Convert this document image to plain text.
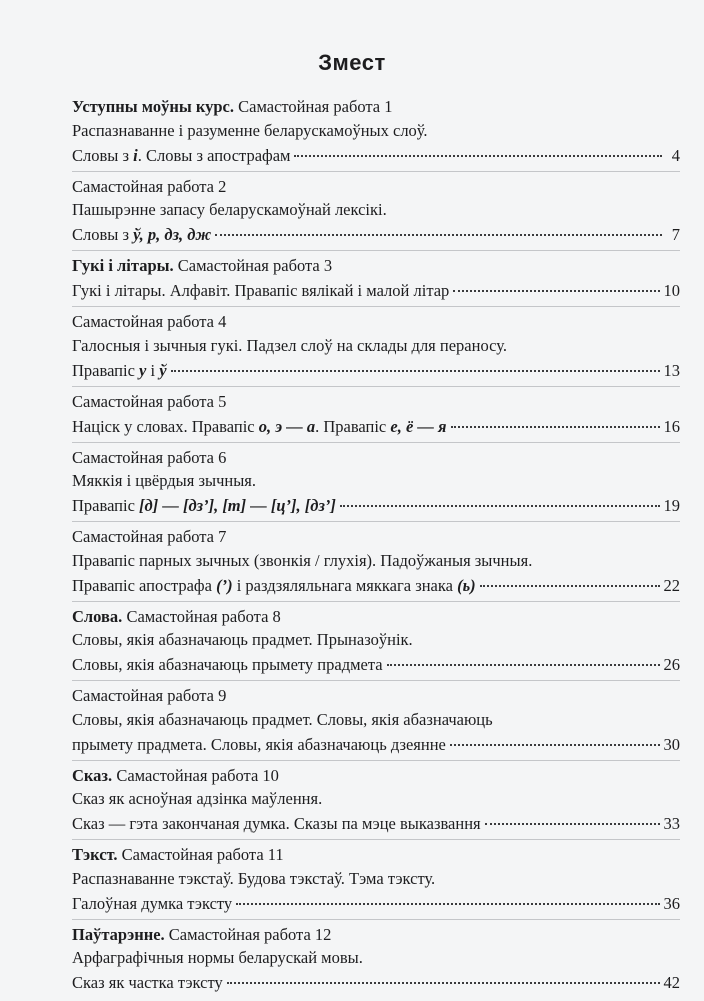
Змест
Уступны моўны курс. Самастойная работа 1
Распазнаванне і разуменне беларускамоўных слоў.
Словы з і. Словы з апострафам	4
Самастойная работа 2
Пашырэнне запасу беларускамоўнай лексікі.
Словы з ў, р, дз, дж	7
Гукі і літары. Самастойная работа 3
Гукі і літары. Алфавіт. Правапіс вялікай і малой літар	10
Самастойная работа 4
Галосныя і зычныя гукі. Падзел слоў на склады для пераносу.
Правапіс у і ў	13
Самастойная работа 5
Націск у словах. Правапіс о, э — а. Правапіс е, ё — я	16
Самастойная работа 6
Мяккія і цвёрдыя зычныя.
Правапіс [д] — [дз’], [т] — [ц’], [дз’]	19
Самастойная работа 7
Правапіс парных зычных (звонкія / глухія). Падоўжаныя зычныя.
Правапіс апострафа (’) і раздзяляльнага мяккага знака (ь)	22
Слова. Самастойная работа 8
Словы, якія абазначаюць прадмет. Прыназоўнік.
Словы, якія абазначаюць прымету прадмета	26
Самастойная работа 9
Словы, якія абазначаюць прадмет. Словы, якія абазначаюць
прымету прадмета. Словы, якія абазначаюць дзеянне	30
Сказ. Самастойная работа 10
Сказ як асноўная адзінка маўлення.
Сказ — гэта закончаная думка. Сказы па мэце выказвання	33
Тэкст. Самастойная работа 11
Распазнаванне тэкстаў. Будова тэкстаў. Тэма тэксту.
Галоўная думка тэксту	36
Паўтарэнне. Самастойная работа 12
Арфаграфічныя нормы беларускай мовы.
Сказ як частка тэксту	42
